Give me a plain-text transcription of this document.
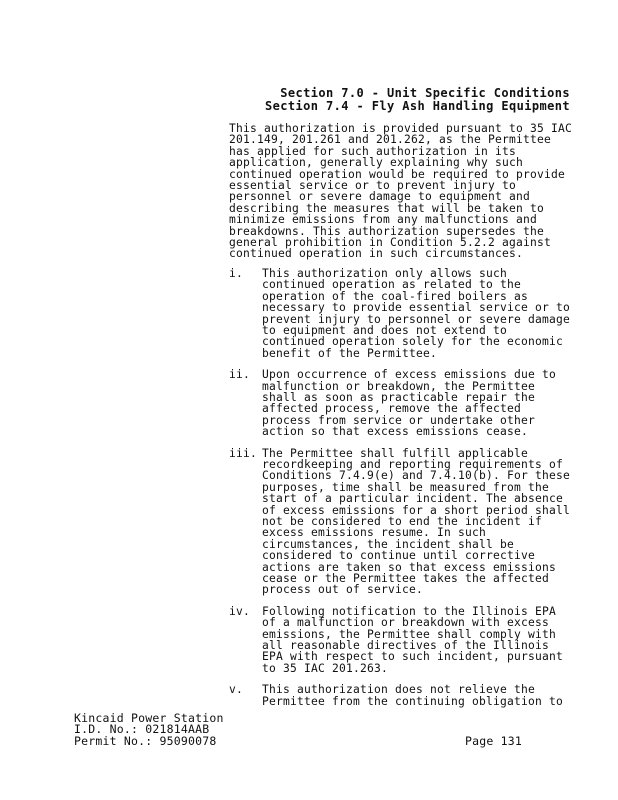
Section 7.0 - Unit Specific Conditions
Section 7.4 - Fly Ash Handling Equipment

This authorization is provided pursuant to 35 IAC 201.149, 201.261 and 201.262, as the Permittee has applied for such authorization in its application, generally explaining why such continued operation would be required to provide essential service or to prevent injury to personnel or severe damage to equipment and describing the measures that will be taken to minimize emissions from any malfunctions and breakdowns. This authorization supersedes the general prohibition in Condition 5.2.2 against continued operation in such circumstances.

i. This authorization only allows such continued operation as related to the operation of the coal-fired boilers as necessary to provide essential service or to prevent injury to personnel or severe damage to equipment and does not extend to continued operation solely for the economic benefit of the Permittee.
ii. Upon occurrence of excess emissions due to malfunction or breakdown, the Permittee shall as soon as practicable repair the affected process, remove the affected process from service or undertake other action so that excess emissions cease.
iii. The Permittee shall fulfill applicable recordkeeping and reporting requirements of Conditions 7.4.9(e) and 7.4.10(b). For these purposes, time shall be measured from the start of a particular incident. The absence of excess emissions for a short period shall not be considered to end the incident if excess emissions resume. In such circumstances, the incident shall be considered to continue until corrective actions are taken so that excess emissions cease or the Permittee takes the affected process out of service.
iv. Following notification to the Illinois EPA of a malfunction or breakdown with excess emissions, the Permittee shall comply with all reasonable directives of the Illinois EPA with respect to such incident, pursuant to 35 IAC 201.263.
v. This authorization does not relieve the Permittee from the continuing obligation to
Kincaid Power Station
I.D. No.: 021814AAB
Permit No.: 95090078	Page 131
